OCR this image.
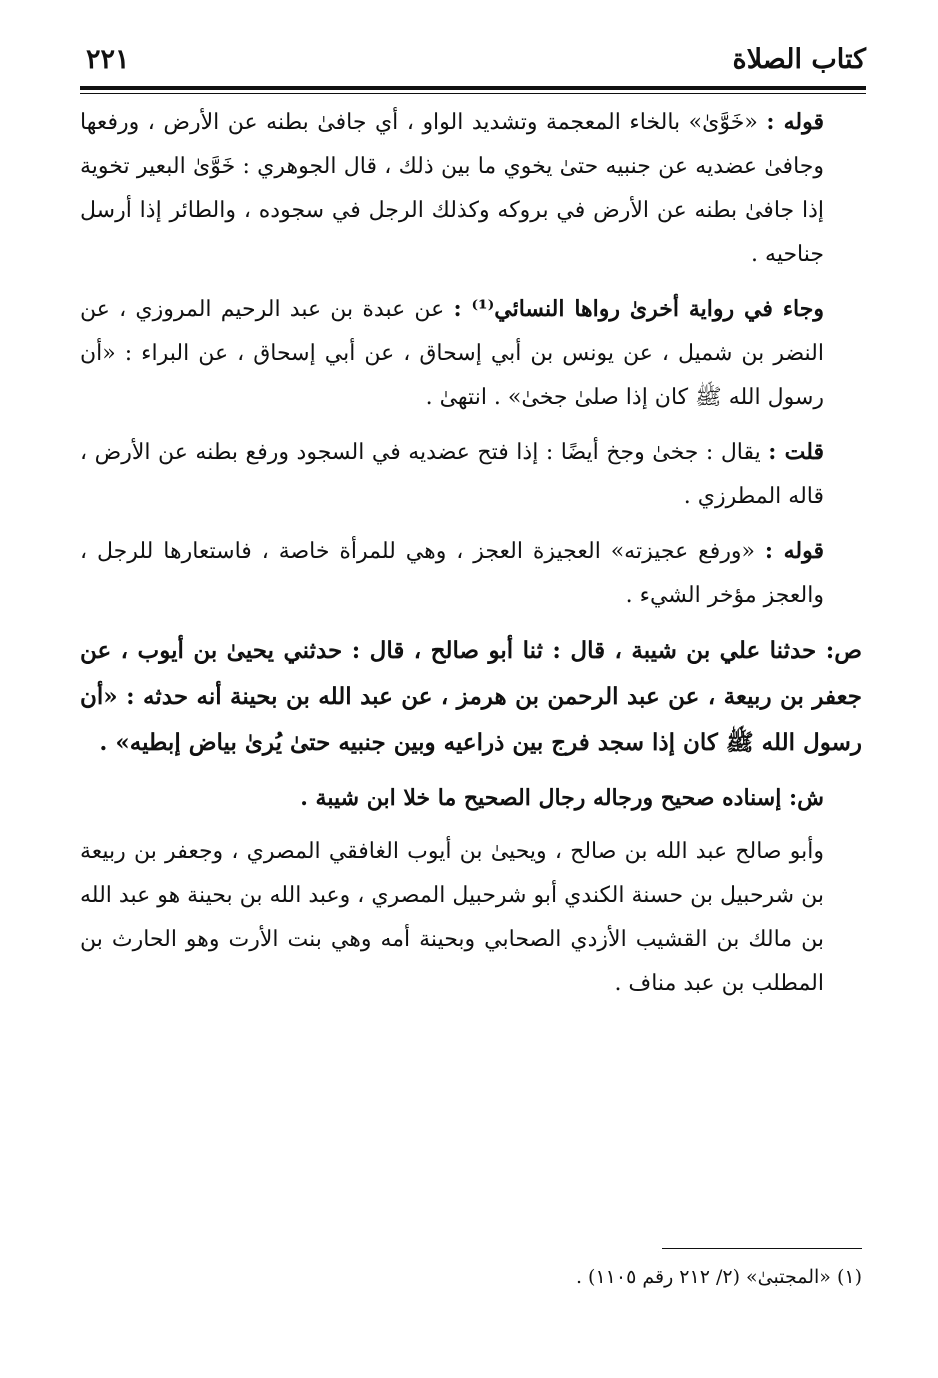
كتاب الصلاة
٢٢١

قوله : «خَوَّىٰ» بالخاء المعجمة وتشديد الواو ، أي جافىٰ بطنه عن الأرض ، ورفعها وجافىٰ عضديه عن جنبيه حتىٰ يخوي ما بين ذلك ، قال الجوهري : خَوَّىٰ البعير تخوية إذا جافىٰ بطنه عن الأرض في بروكه وكذلك الرجل في سجوده ، والطائر إذا أرسل جناحيه .

وجاء في رواية أخرىٰ رواها النسائي⁽¹⁾ : عن عبدة بن عبد الرحيم المروزي ، عن النضر بن شميل ، عن يونس بن أبي إسحاق ، عن أبي إسحاق ، عن البراء : «أن رسول الله ﷺ كان إذا صلىٰ جخىٰ» . انتهىٰ .

قلت : يقال : جخىٰ وجخ أيضًا : إذا فتح عضديه في السجود ورفع بطنه عن الأرض ، قاله المطرزي .

قوله : «ورفع عجيزته» العجيزة العجز ، وهي للمرأة خاصة ، فاستعارها للرجل ، والعجز مؤخر الشيء .

ص: حدثنا علي بن شيبة ، قال : ثنا أبو صالح ، قال : حدثني يحيىٰ بن أيوب ، عن جعفر بن ربيعة ، عن عبد الرحمن بن هرمز ، عن عبد الله بن بحينة أنه حدثه : «أن رسول الله ﷺ كان إذا سجد فرج بين ذراعيه وبين جنبيه حتىٰ يُرىٰ بياض إبطيه» .

ش: إسناده صحيح ورجاله رجال الصحيح ما خلا ابن شيبة .

وأبو صالح عبد الله بن صالح ، ويحيىٰ بن أيوب الغافقي المصري ، وجعفر بن ربيعة بن شرحبيل بن حسنة الكندي أبو شرحبيل المصري ، وعبد الله بن بحينة هو عبد الله بن مالك بن القشيب الأزدي الصحابي وبحينة أمه وهي بنت الأرت وهو الحارث بن المطلب بن عبد مناف .

(١) «المجتبىٰ» (٢/ ٢١٢ رقم ١١٠٥) .
